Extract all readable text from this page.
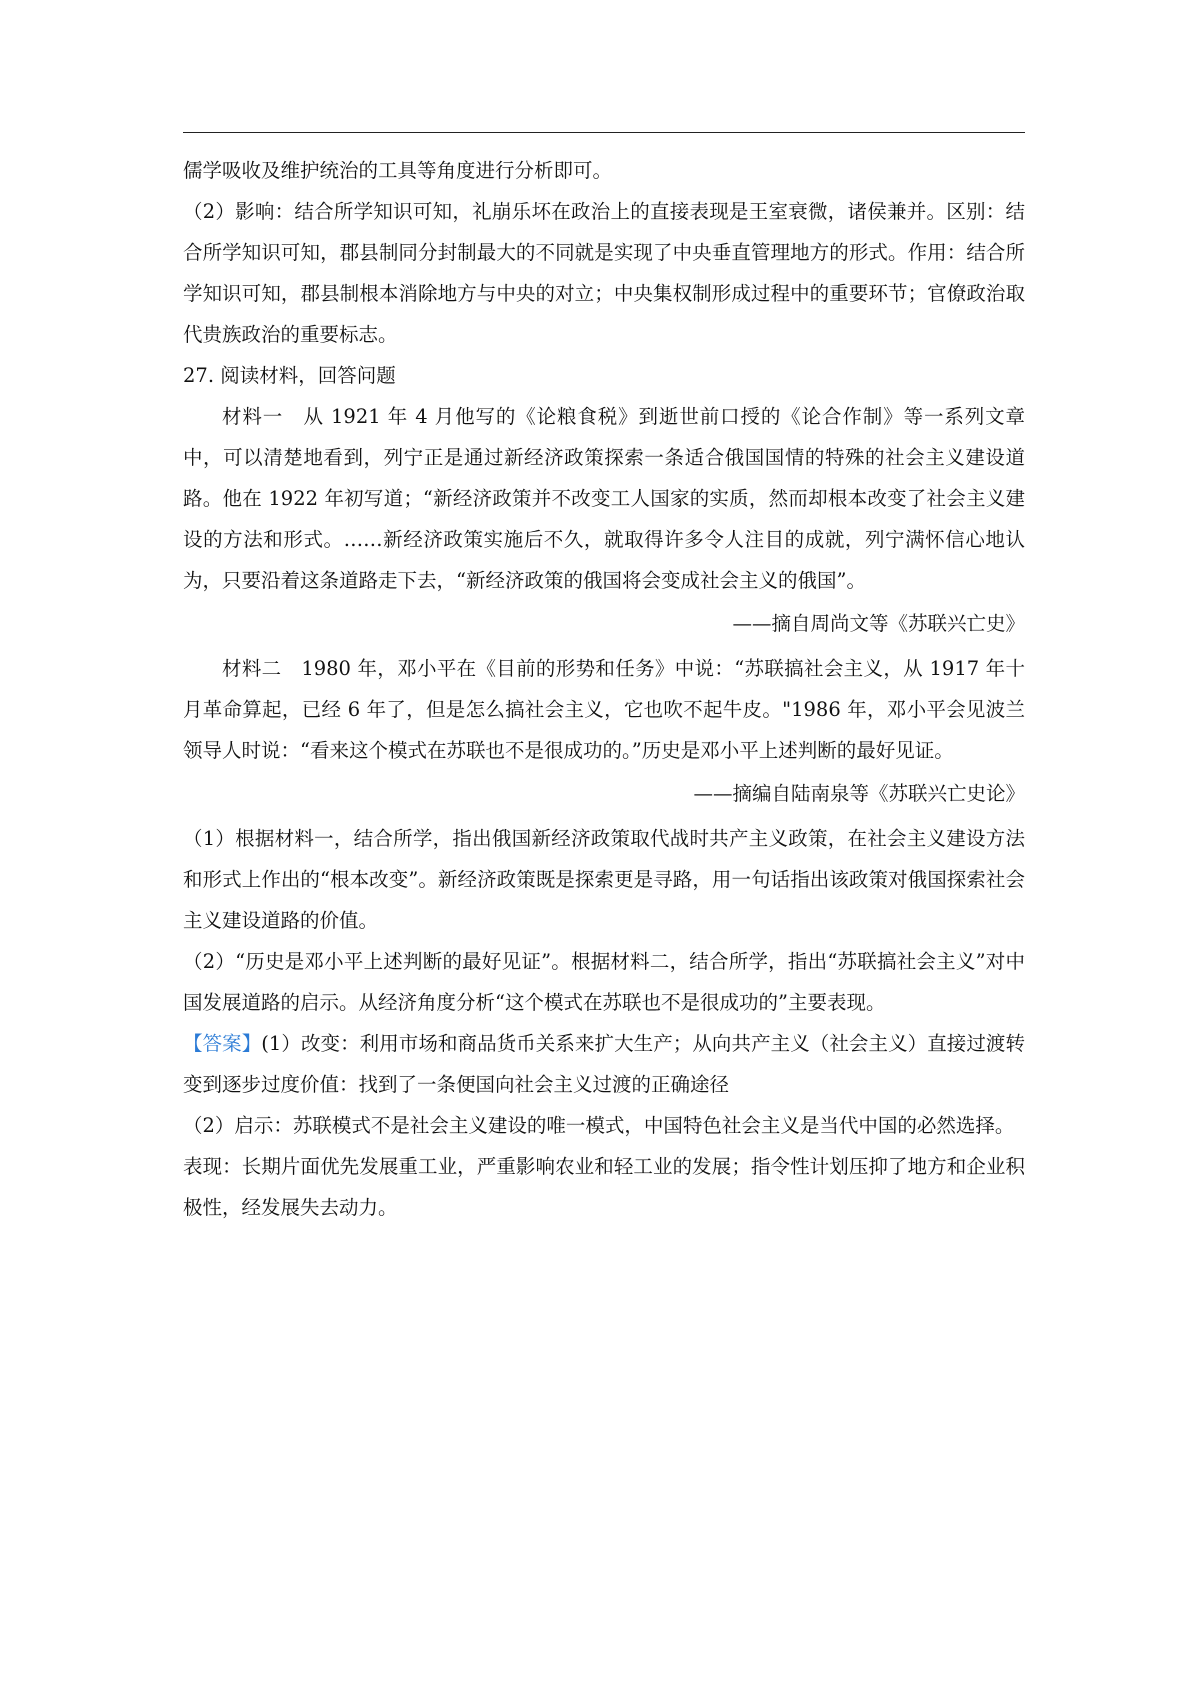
儒学吸收及维护统治的工具等角度进行分析即可。

（2）影响：结合所学知识可知，礼崩乐坏在政治上的直接表现是王室衰微，诸侯兼并。区别：结合所学知识可知，郡县制同分封制最大的不同就是实现了中央垂直管理地方的形式。作用：结合所学知识可知，郡县制根本消除地方与中央的对立；中央集权制形成过程中的重要环节；官僚政治取代贵族政治的重要标志。

27. 阅读材料，回答问题

材料一　从 1921 年 4 月他写的《论粮食税》到逝世前口授的《论合作制》等一系列文章中，可以清楚地看到，列宁正是通过新经济政策探索一条适合俄国国情的特殊的社会主义建设道路。他在 1922 年初写道；“新经济政策并不改变工人国家的实质，然而却根本改变了社会主义建设的方法和形式。……新经济政策实施后不久，就取得许多令人注目的成就，列宁满怀信心地认为，只要沿着这条道路走下去，“新经济政策的俄国将会变成社会主义的俄国”。

——摘自周尚文等《苏联兴亡史》

材料二　1980 年，邓小平在《目前的形势和任务》中说：“苏联搞社会主义，从 1917 年十月革命算起，已经 6 年了，但是怎么搞社会主义，它也吹不起牛皮。"1986 年，邓小平会见波兰领导人时说：“看来这个模式在苏联也不是很成功的。”历史是邓小平上述判断的最好见证。

——摘编自陆南泉等《苏联兴亡史论》

（1）根据材料一，结合所学，指出俄国新经济政策取代战时共产主义政策，在社会主义建设方法和形式上作出的“根本改变”。新经济政策既是探索更是寻路，用一句话指出该政策对俄国探索社会主义建设道路的价值。

（2）“历史是邓小平上述判断的最好见证”。根据材料二，结合所学，指出“苏联搞社会主义”对中国发展道路的启示。从经济角度分析“这个模式在苏联也不是很成功的”主要表现。

【答案】(1）改变：利用市场和商品货币关系来扩大生产；从向共产主义（社会主义）直接过渡转变到逐步过度价值：找到了一条便国向社会主义过渡的正确途径

（2）启示：苏联模式不是社会主义建设的唯一模式，中国特色社会主义是当代中国的必然选择。

表现：长期片面优先发展重工业，严重影响农业和轻工业的发展；指令性计划压抑了地方和企业积极性，经发展失去动力。
